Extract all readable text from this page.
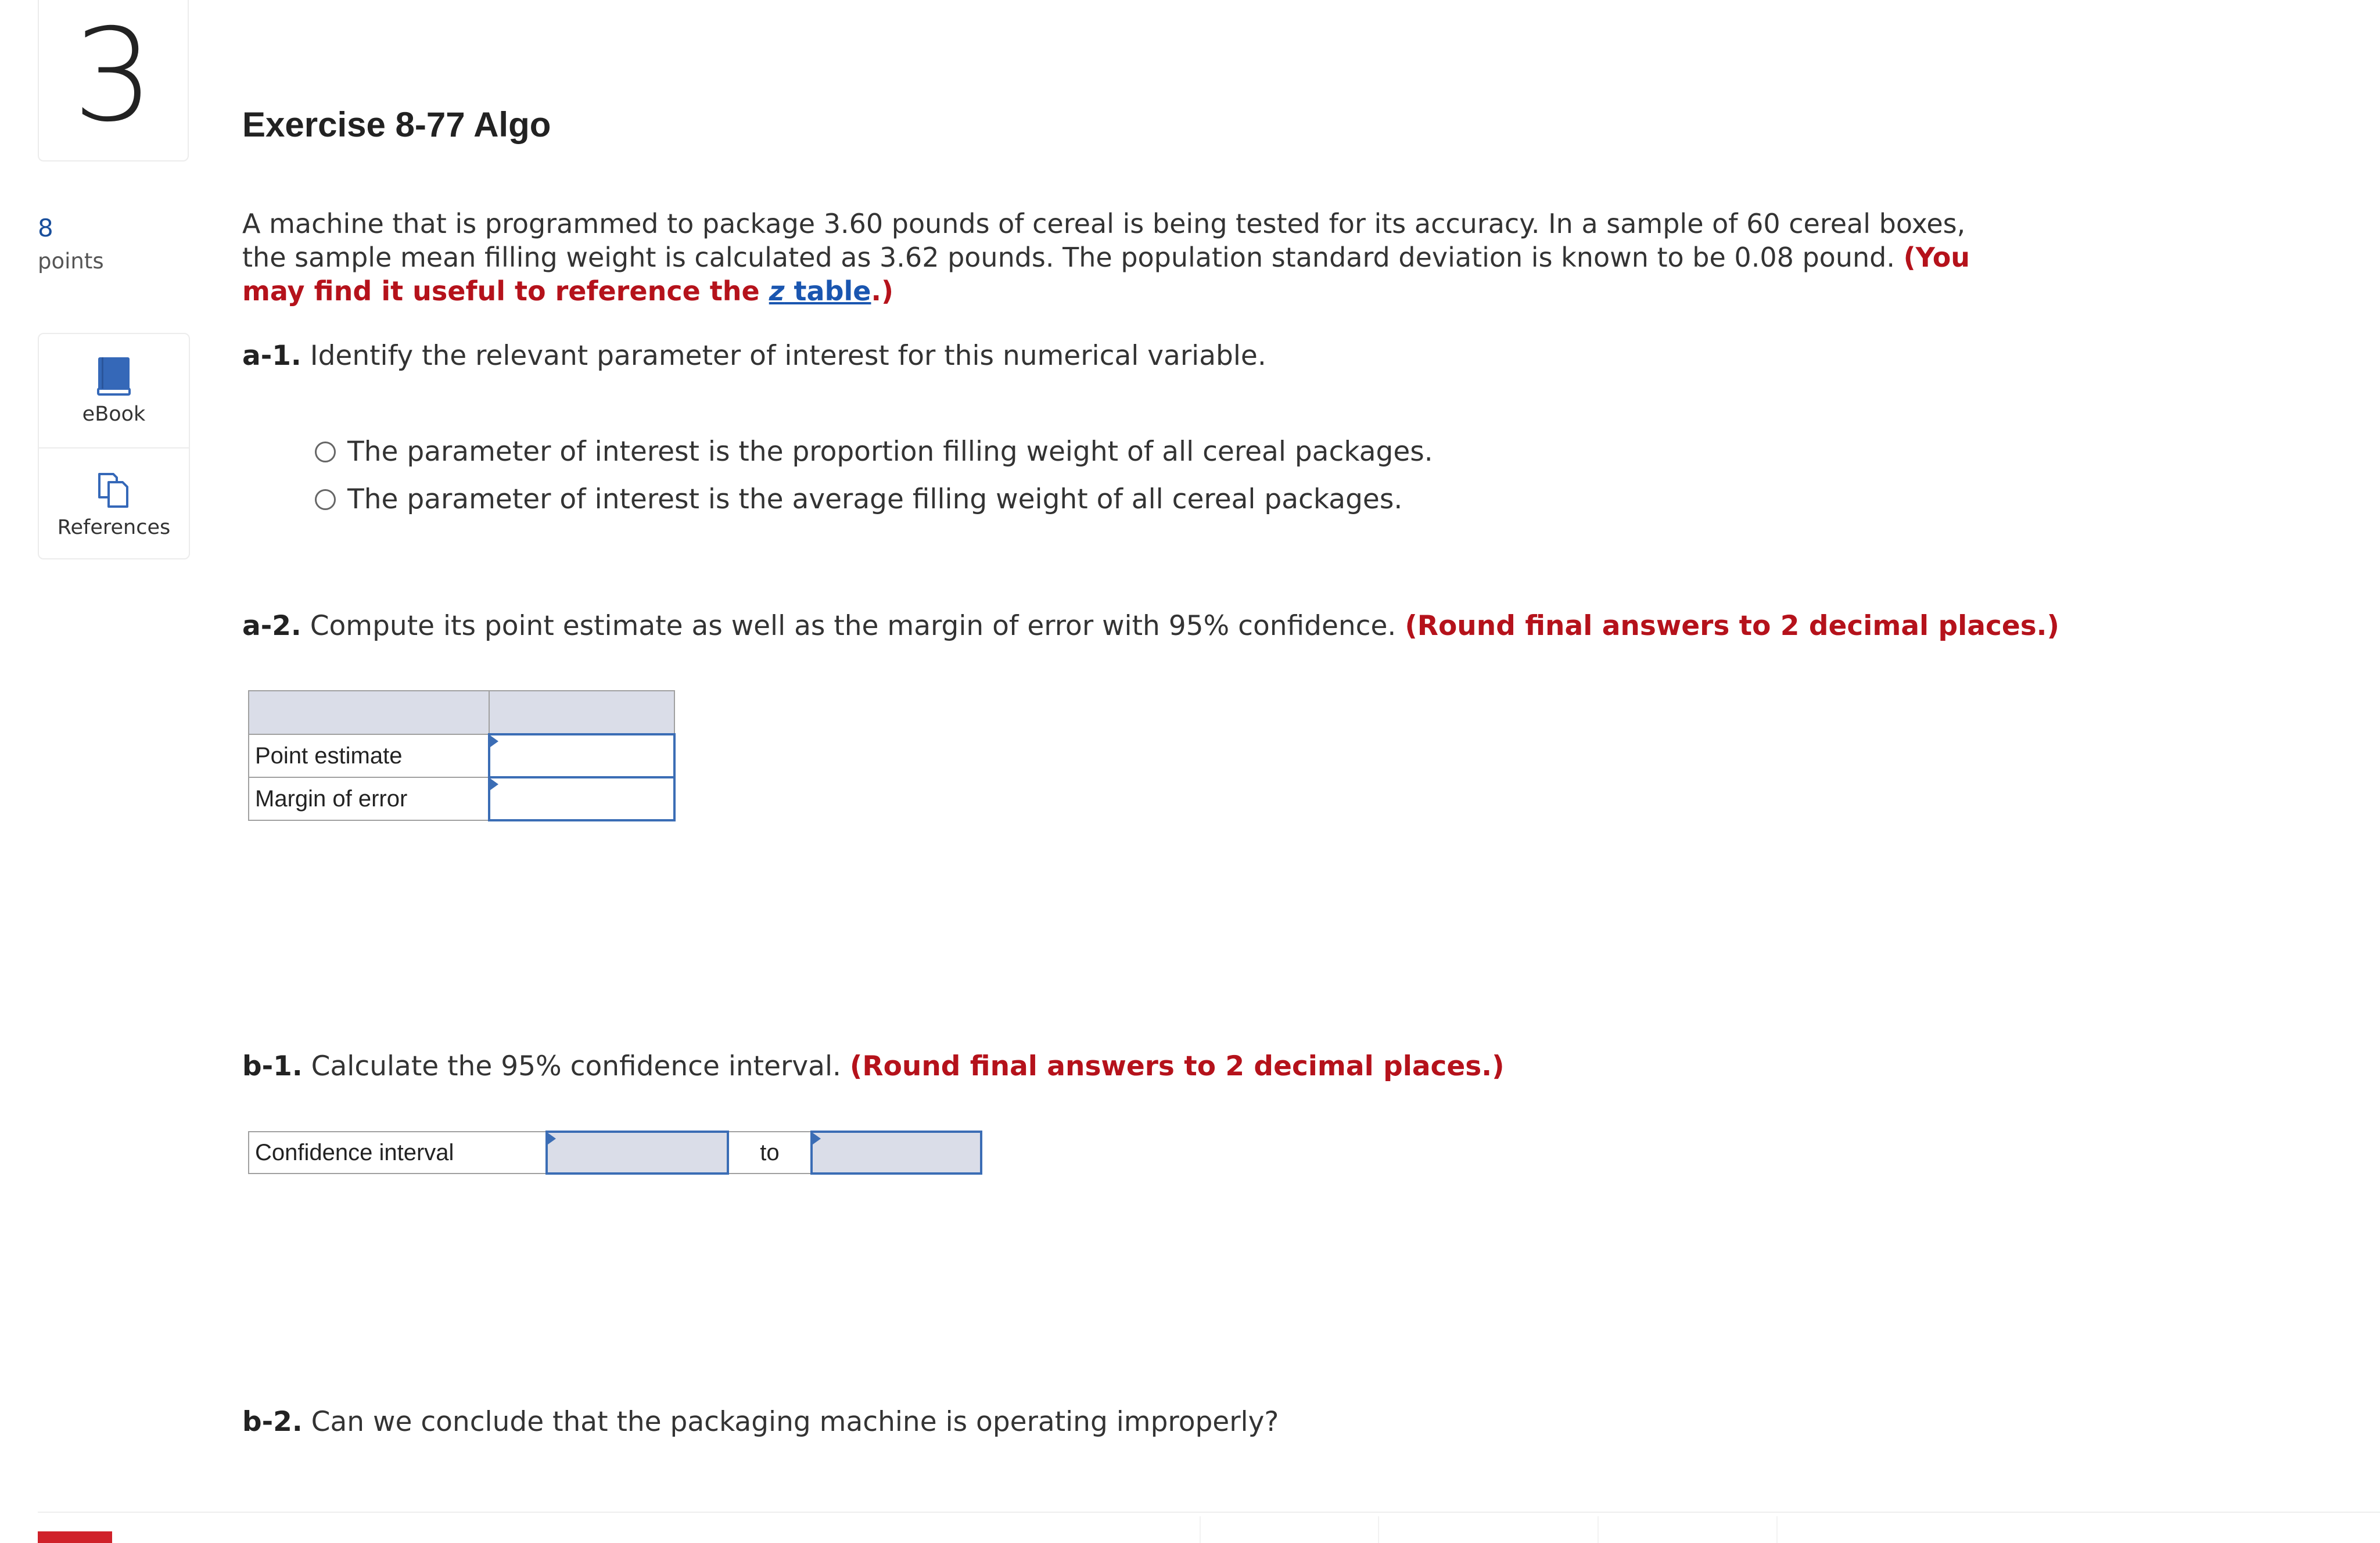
3
8
points
eBook
References
Exercise 8-77 Algo
A machine that is programmed to package 3.60 pounds of cereal is being tested for its accuracy. In a sample of 60 cereal boxes, the sample mean filling weight is calculated as 3.62 pounds. The population standard deviation is known to be 0.08 pound. (You may find it useful to reference the z table.)
a-1. Identify the relevant parameter of interest for this numerical variable.
The parameter of interest is the proportion filling weight of all cereal packages.
The parameter of interest is the average filling weight of all cereal packages.
a-2. Compute its point estimate as well as the margin of error with 95% confidence. (Round final answers to 2 decimal places.)

Point estimate	

Margin of error	
b-1. Calculate the 95% confidence interval. (Round final answers to 2 decimal places.)
Confidence interval		to	
b-2. Can we conclude that the packaging machine is operating improperly?
